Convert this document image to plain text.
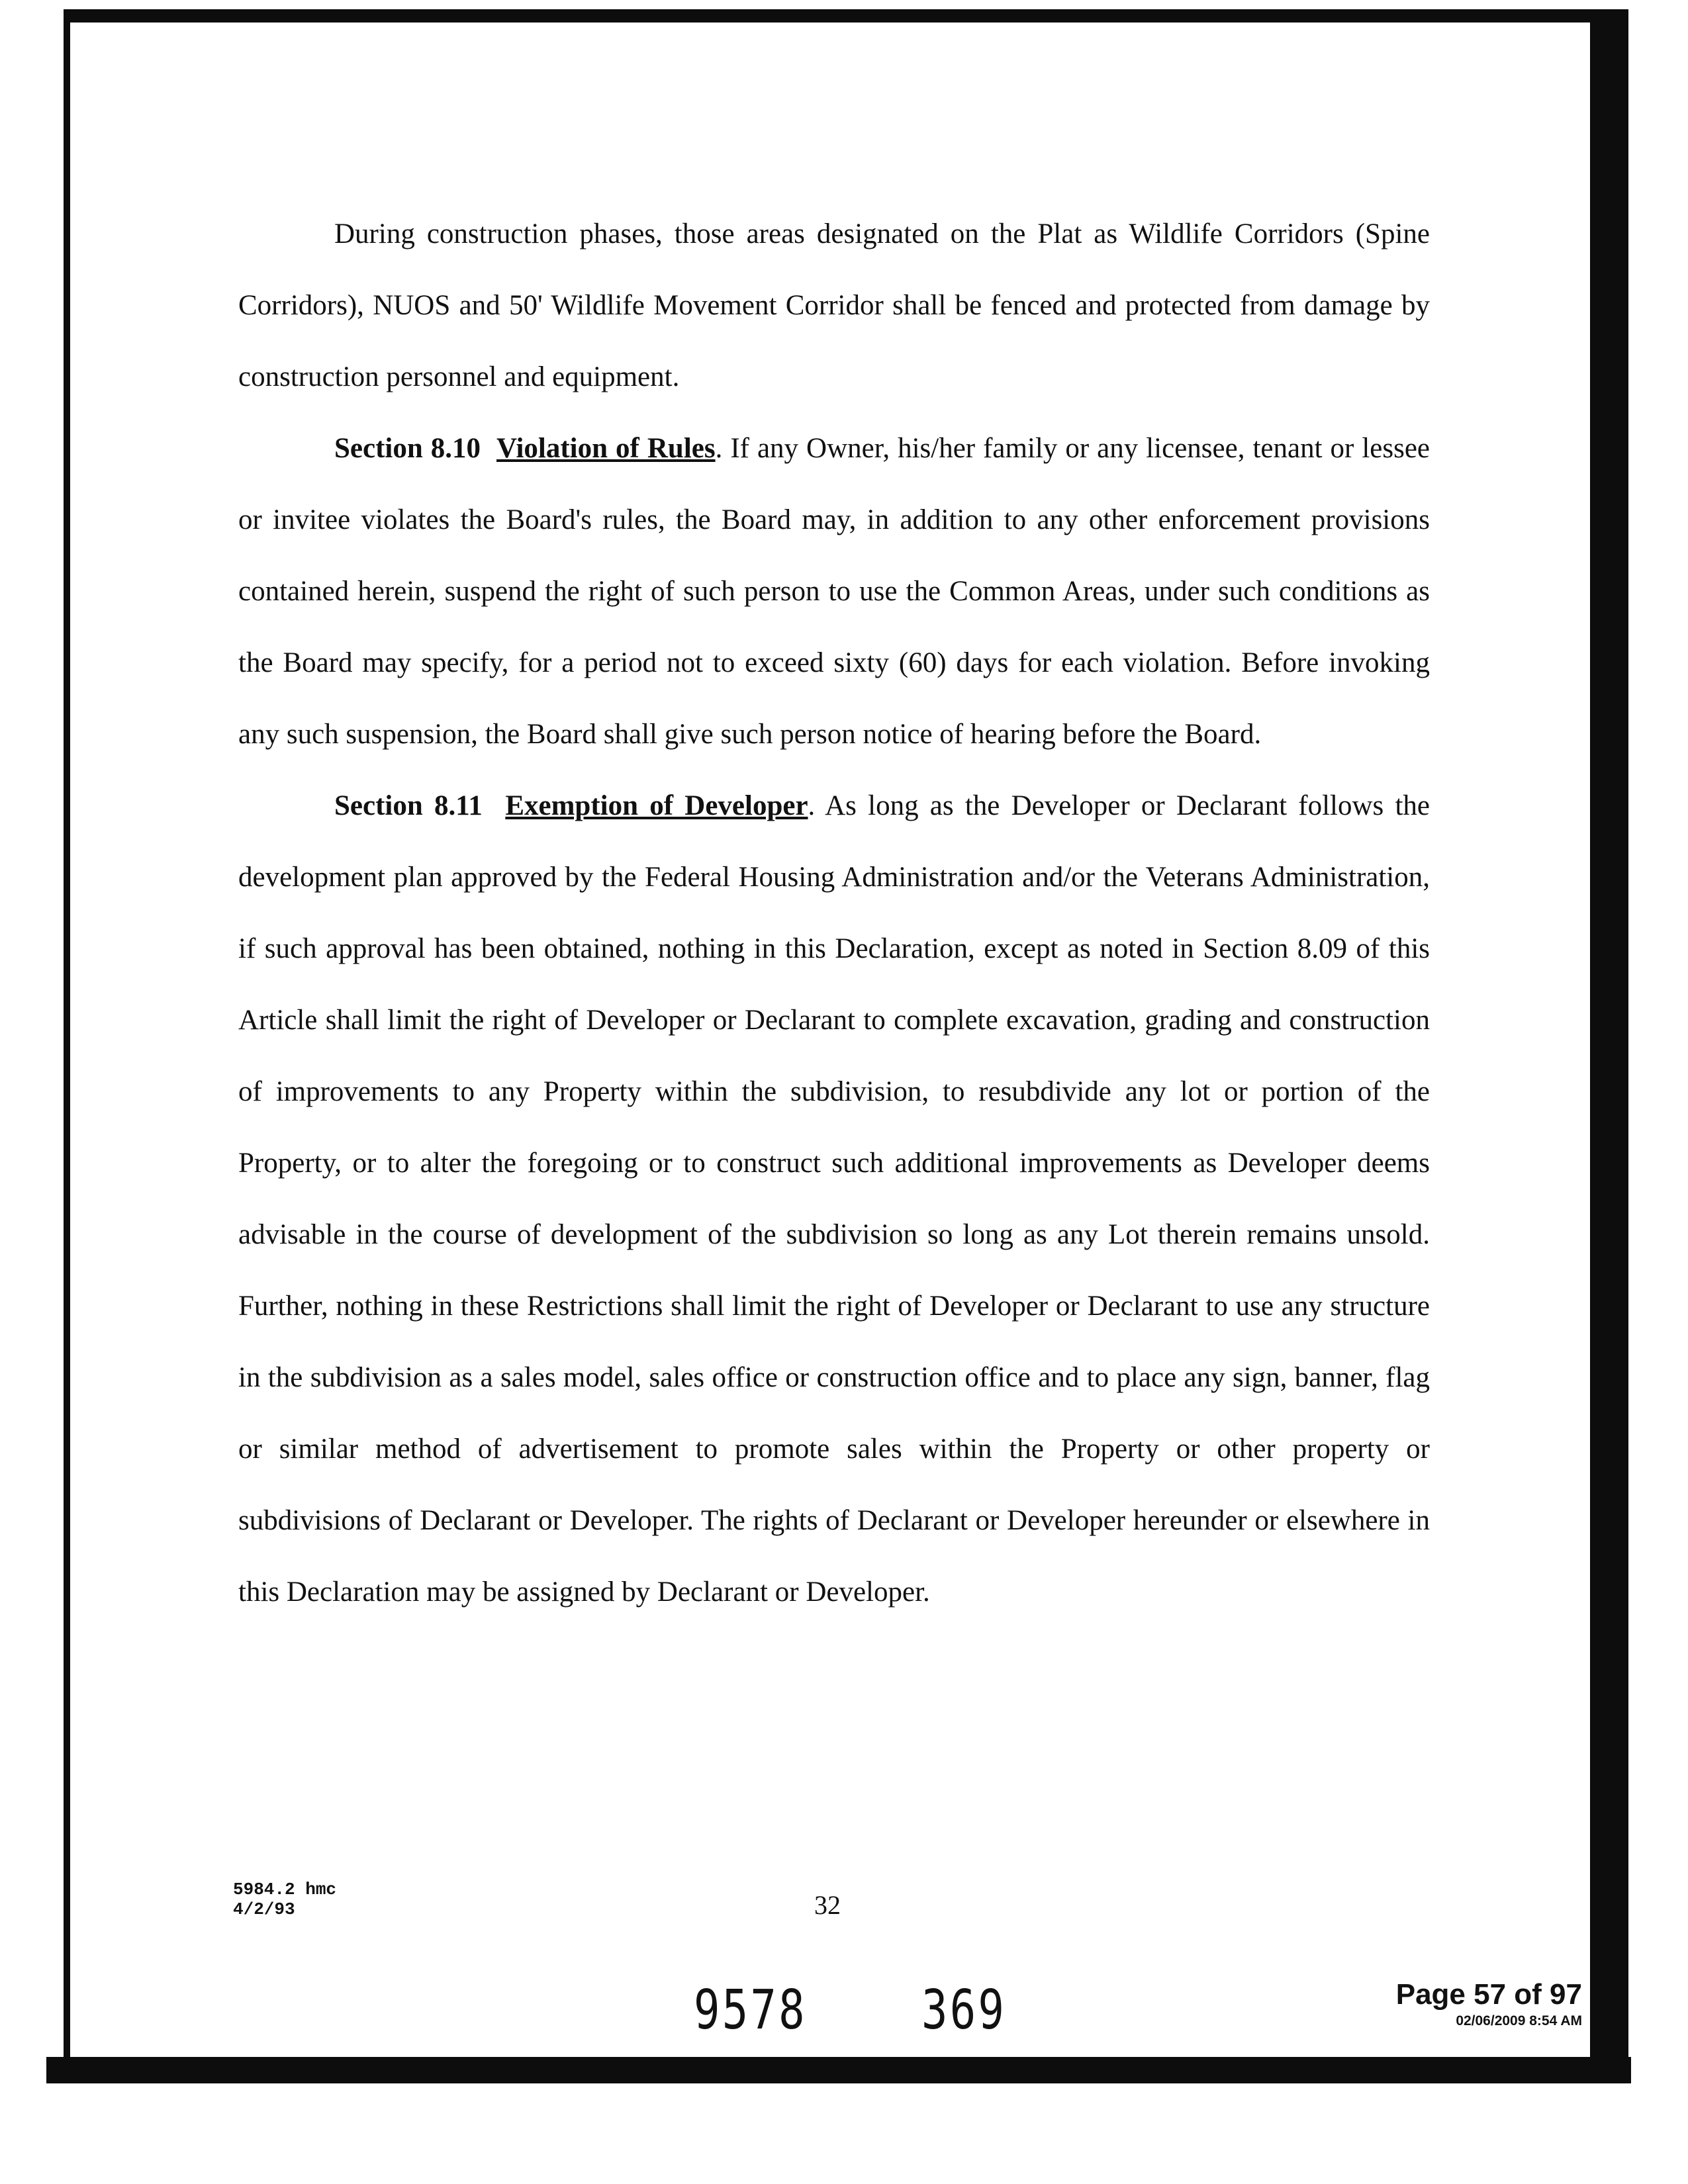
During construction phases, those areas designated on the Plat as Wildlife Corridors (Spine Corridors), NUOS and 50' Wildlife Movement Corridor shall be fenced and protected from damage by construction personnel and equipment.

Section 8.10 Violation of Rules. If any Owner, his/her family or any licensee, tenant or lessee or invitee violates the Board's rules, the Board may, in addition to any other enforcement provisions contained herein, suspend the right of such person to use the Common Areas, under such conditions as the Board may specify, for a period not to exceed sixty (60) days for each violation. Before invoking any such suspension, the Board shall give such person notice of hearing before the Board.

Section 8.11 Exemption of Developer. As long as the Developer or Declarant follows the development plan approved by the Federal Housing Administration and/or the Veterans Administration, if such approval has been obtained, nothing in this Declaration, except as noted in Section 8.09 of this Article shall limit the right of Developer or Declarant to complete excavation, grading and construction of improvements to any Property within the subdivision, to resubdivide any lot or portion of the Property, or to alter the foregoing or to construct such additional improvements as Developer deems advisable in the course of development of the subdivision so long as any Lot therein remains unsold. Further, nothing in these Restrictions shall limit the right of Developer or Declarant to use any structure in the subdivision as a sales model, sales office or construction office and to place any sign, banner, flag or similar method of advertisement to promote sales within the Property or other property or subdivisions of Declarant or Developer. The rights of Declarant or Developer hereunder or elsewhere in this Declaration may be assigned by Declarant or Developer.

5984.2 hmc
4/2/93	32
9578 369	Page 57 of 97
02/06/2009 8:54 AM
